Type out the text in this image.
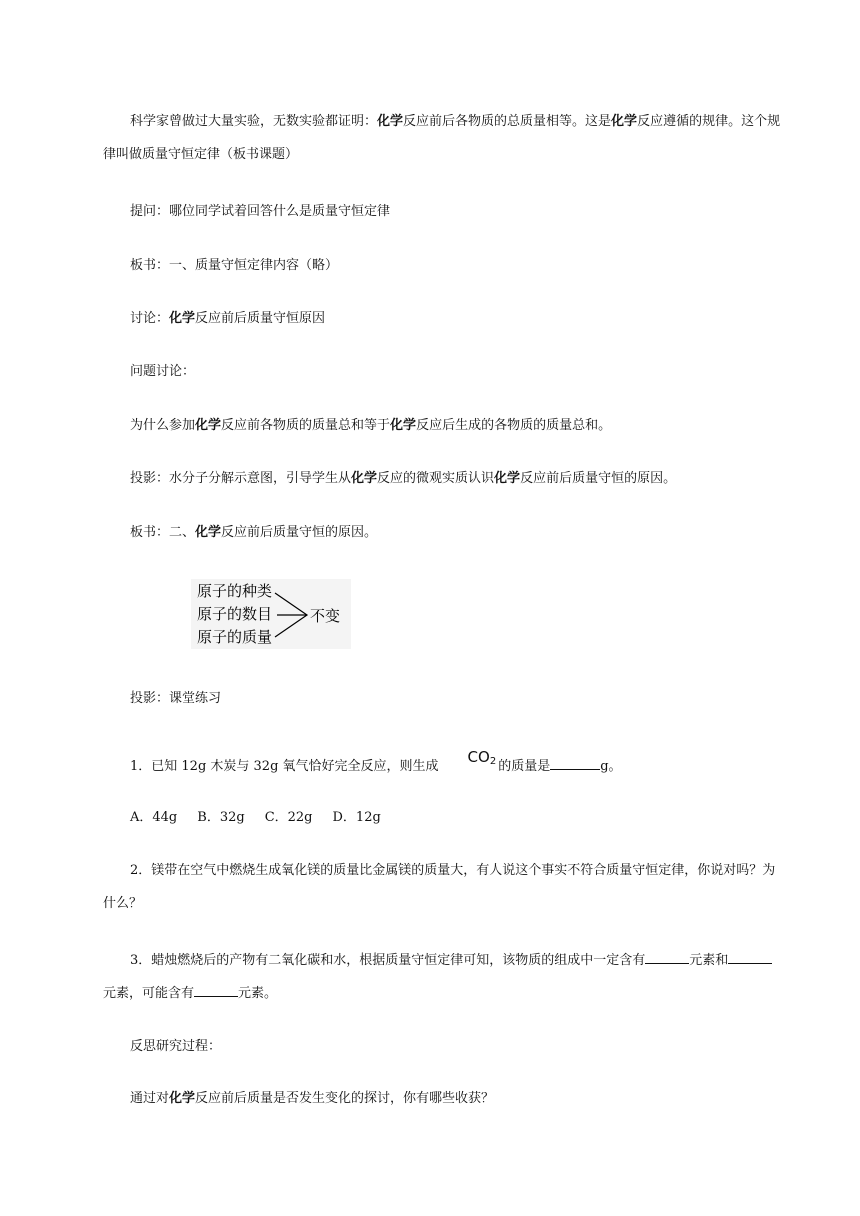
科学家曾做过大量实验，无数实验都证明：化学反应前后各物质的总质量相等。这是化学反应遵循的规律。这个规

律叫做质量守恒定律（板书课题）

提问：哪位同学试着回答什么是质量守恒定律

板书：一、质量守恒定律内容（略）

讨论：化学反应前后质量守恒原因

问题讨论：

为什么参加化学反应前各物质的质量总和等于化学反应后生成的各物质的质量总和。

投影：水分子分解示意图，引导学生从化学反应的微观实质认识化学反应前后质量守恒的原因。

板书：二、化学反应前后质量守恒的原因。

原子的种类
原子的数目
原子的质量
不变

投影：课堂练习

1．已知 12g 木炭与 32g 氧气恰好完全反应，则生成$CO_2$ 的质量是	g。

A．44g B．32g C．22g D．12g

2．镁带在空气中燃烧生成氧化镁的质量比金属镁的质量大，有人说这个事实不符合质量守恒定律，你说对吗？为

什么？

3．蜡烛燃烧后的产物有二氧化碳和水，根据质量守恒定律可知，该物质的组成中一定含有	元素和

元素，可能含有	元素。

反思研究过程：

通过对化学反应前后质量是否发生变化的探讨，你有哪些收获？
